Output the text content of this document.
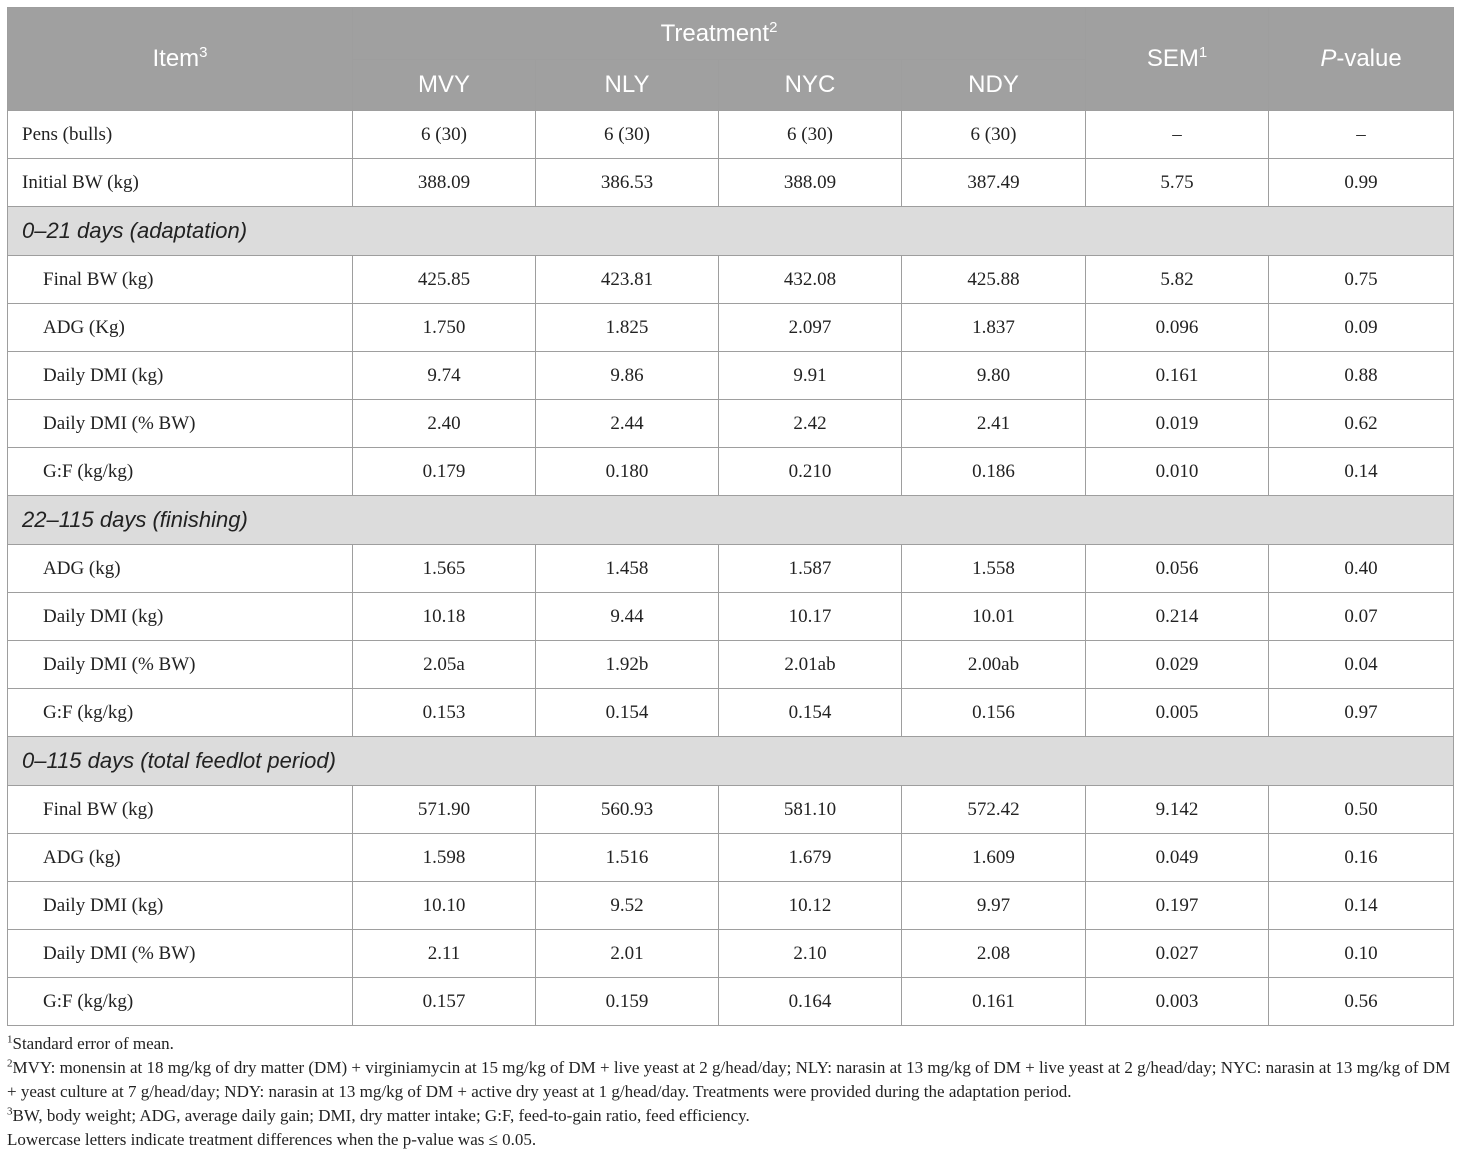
Item$^3$	Treatment$^2$				SEM$^1$	P-value
	MVY	NLY	NYC	NDY		
Pens (bulls)	6 (30)	6 (30)	6 (30)	6 (30)	–	–
Initial BW (kg)	388.09	386.53	388.09	387.49	5.75	0.99
0–21 days (adaptation)						
Final BW (kg)	425.85	423.81	432.08	425.88	5.82	0.75
ADG (Kg)	1.750	1.825	2.097	1.837	0.096	0.09
Daily DMI (kg)	9.74	9.86	9.91	9.80	0.161	0.88
Daily DMI (% BW)	2.40	2.44	2.42	2.41	0.019	0.62
G:F (kg/kg)	0.179	0.180	0.210	0.186	0.010	0.14
22–115 days (finishing)						
ADG (kg)	1.565	1.458	1.587	1.558	0.056	0.40
Daily DMI (kg)	10.18	9.44	10.17	10.01	0.214	0.07
Daily DMI (% BW)	2.05a	1.92b	2.01ab	2.00ab	0.029	0.04
G:F (kg/kg)	0.153	0.154	0.154	0.156	0.005	0.97
0–115 days (total feedlot period)						
Final BW (kg)	571.90	560.93	581.10	572.42	9.142	0.50
ADG (kg)	1.598	1.516	1.679	1.609	0.049	0.16
Daily DMI (kg)	10.10	9.52	10.12	9.97	0.197	0.14
Daily DMI (% BW)	2.11	2.01	2.10	2.08	0.027	0.10
G:F (kg/kg)	0.157	0.159	0.164	0.161	0.003	0.56

$^1$Standard error of mean.

$^2$MVY: monensin at 18 mg/kg of dry matter (DM) + virginiamycin at 15 mg/kg of DM + live yeast at 2 g/head/day; NLY: narasin at 13 mg/kg of DM + live yeast at 2 g/head/day; NYC: narasin at 13 mg/kg of DM + yeast culture at 7 g/head/day; NDY: narasin at 13 mg/kg of DM + active dry yeast at 1 g/head/day. Treatments were provided during the adaptation period.

$^3$BW, body weight; ADG, average daily gain; DMI, dry matter intake; G:F, feed-to-gain ratio, feed efficiency.

Lowercase letters indicate treatment differences when the p-value was ≤ 0.05.
